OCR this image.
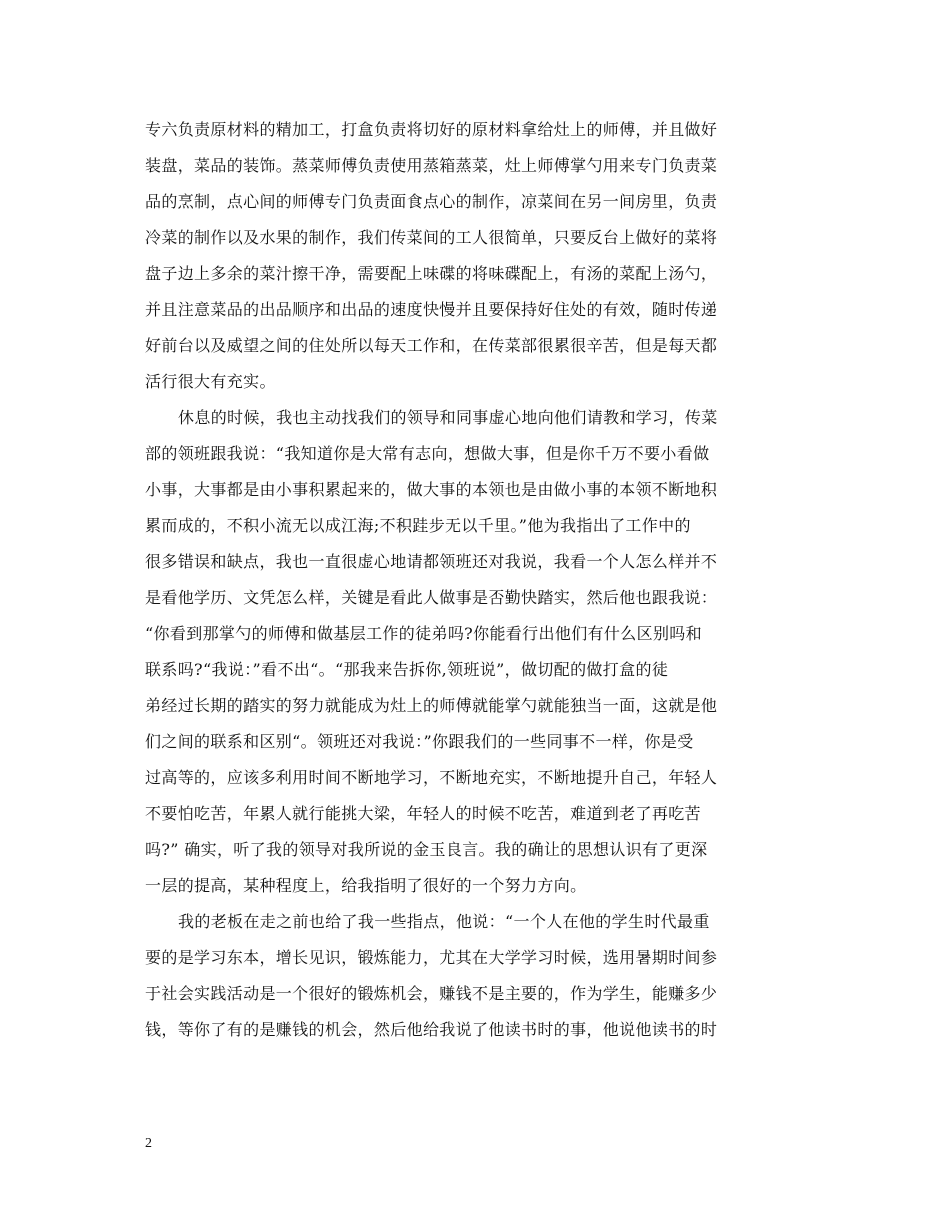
专六负责原材料的精加工，打盒负责将切好的原材料拿给灶上的师傅，并且做好
装盘，菜品的装饰。蒸菜师傅负责使用蒸箱蒸菜，灶上师傅掌勺用来专门负责菜
品的烹制，点心间的师傅专门负责面食点心的制作，凉菜间在另一间房里，负责
冷菜的制作以及水果的制作，我们传菜间的工人很简单，只要反台上做好的菜将
盘子边上多余的菜汁擦干净，需要配上味碟的将味碟配上，有汤的菜配上汤勺，
并且注意菜品的出品顺序和出品的速度快慢并且要保持好住处的有效，随时传递
好前台以及威望之间的住处所以每天工作和，在传菜部很累很辛苦，但是每天都
活行很大有充实。
休息的时候，我也主动找我们的领导和同事虚心地向他们请教和学习，传菜
部的领班跟我说：“我知道你是大常有志向，想做大事，但是你千万不要小看做
小事，大事都是由小事积累起来的，做大事的本领也是由做小事的本领不断地积
累而成的，不积小流无以成江海;不积跬步无以千里。”他为我指出了工作中的
很多错误和缺点，我也一直很虚心地请都领班还对我说，我看一个人怎么样并不
是看他学历、文凭怎么样，关键是看此人做事是否勤快踏实，然后他也跟我说：
“你看到那掌勺的师傅和做基层工作的徒弟吗?你能看行出他们有什么区别吗和
联系吗?“我说：”看不出“。“那我来告拆你,领班说”，做切配的做打盒的徒
弟经过长期的踏实的努力就能成为灶上的师傅就能掌勺就能独当一面，这就是他
们之间的联系和区别“。领班还对我说：”你跟我们的一些同事不一样，你是受
过高等的，应该多利用时间不断地学习，不断地充实，不断地提升自己，年轻人
不要怕吃苦，年累人就行能挑大梁，年轻人的时候不吃苦，难道到老了再吃苦
吗?” 确实，听了我的领导对我所说的金玉良言。我的确让的思想认识有了更深
一层的提高，某种程度上，给我指明了很好的一个努力方向。
我的老板在走之前也给了我一些指点，他说：“一个人在他的学生时代最重
要的是学习东本，增长见识，锻炼能力，尤其在大学学习时候，选用暑期时间参
于社会实践活动是一个很好的锻炼机会，赚钱不是主要的，作为学生，能赚多少
钱，等你了有的是赚钱的机会，然后他给我说了他读书时的事，他说他读书的时
2
